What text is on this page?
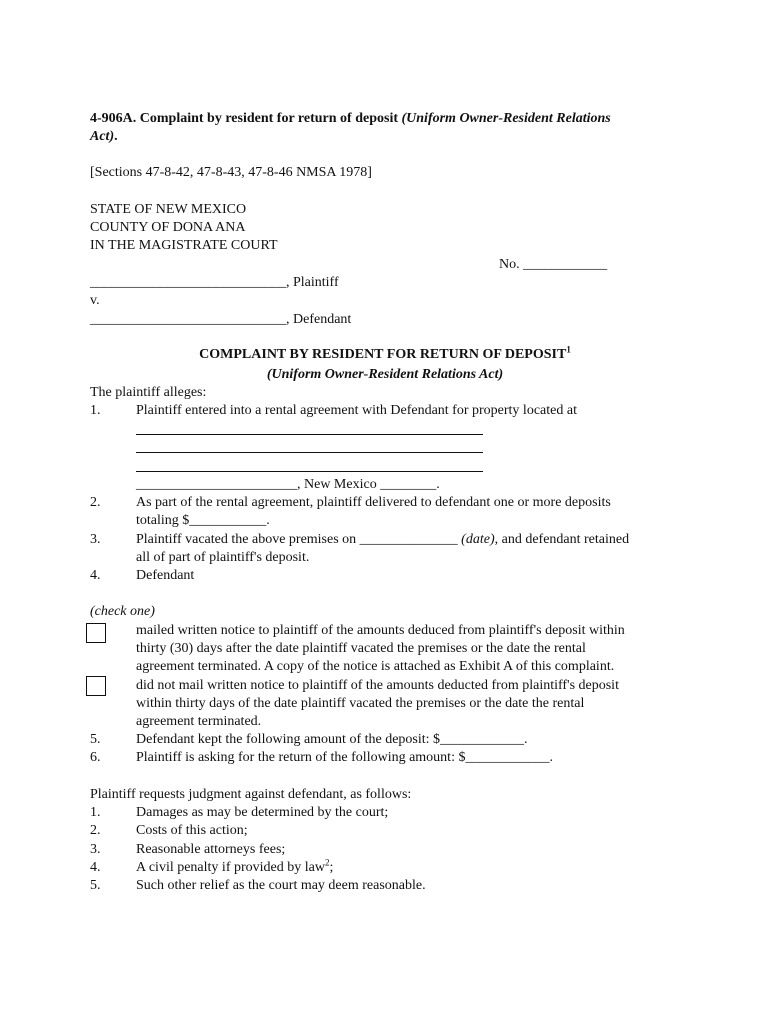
4-906A. Complaint by resident for return of deposit (Uniform Owner-Resident Relations
Act).
[Sections 47-8-42, 47-8-43, 47-8-46 NMSA 1978]
STATE OF NEW MEXICO
COUNTY OF DONA ANA
IN THE MAGISTRATE COURT
No. ____________
____________________________, Plaintiff
v.
____________________________, Defendant
COMPLAINT BY RESIDENT FOR RETURN OF DEPOSIT$^1$
(Uniform Owner-Resident Relations Act)
The plaintiff alleges:
1.	Plaintiff entered into a rental agreement with Defendant for property located at
_______________________, New Mexico ________.
2.	As part of the rental agreement, plaintiff delivered to defendant one or more deposits
totaling $___________.
3.	Plaintiff vacated the above premises on ______________ (date), and defendant retained
all of part of plaintiff's deposit.
4.	Defendant
(check one)
mailed written notice to plaintiff of the amounts deduced from plaintiff's deposit within
thirty (30) days after the date plaintiff vacated the premises or the date the rental
agreement terminated. A copy of the notice is attached as Exhibit A of this complaint.
did not mail written notice to plaintiff of the amounts deducted from plaintiff's deposit
within thirty days of the date plaintiff vacated the premises or the date the rental
agreement terminated.
5.	Defendant kept the following amount of the deposit: $____________.
6.	Plaintiff is asking for the return of the following amount: $____________.
Plaintiff requests judgment against defendant, as follows:
1.	Damages as may be determined by the court;
2.	Costs of this action;
3.	Reasonable attorneys fees;
4.	A civil penalty if provided by law$^2$;
5.	Such other relief as the court may deem reasonable.
